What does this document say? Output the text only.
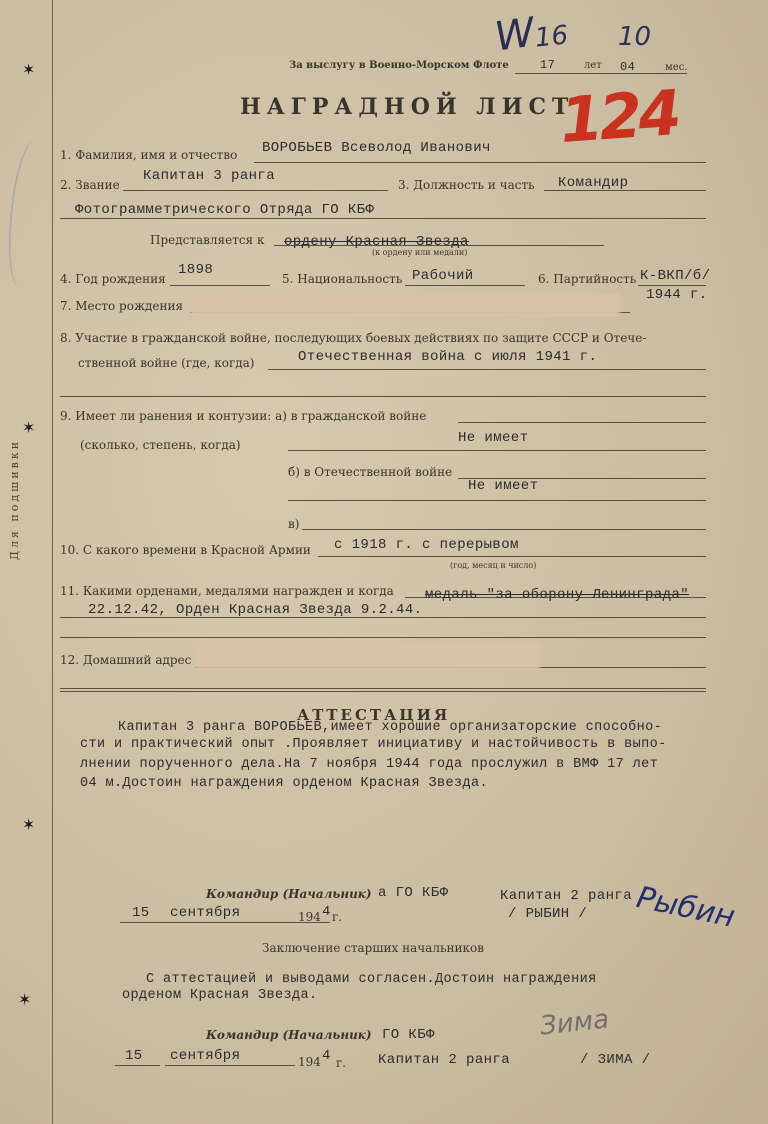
Для подшивки
✶
✶
✶
✶
За выслугу в Военно-Морском Флоте	17	лет 04	мес.
W
16 10
124
НАГРАДНОЙ ЛИСТ
1. Фамилия, имя и отчество ВОРОБЬЕВ Всеволод Иванович
2. Звание
Капитан 3 ранга
3. Должность и часть Командир
Фотограмметрического Отряда ГО КБФ
Представляется к ордену Красная Звезда
(к ордену или медали)
4. Год рождения
1898
5. Национальность Рабочий	6. Партийность К-ВКП/б/
1944 г.
7. Место рождения
8. Участие в гражданской войне, последующих боевых действиях по защите СССР и Отече-
ственной войне (где, когда)	Отечественная война с июля 1941 г.
9. Имеет ли ранения и контузии: а) в гражданской войне
(сколько, степень, когда)	Не имеет
б) в Отечественной войне
Не имеет
в)
10. С какого времени в Красной Армии с 1918 г. с перерывом
(год, месяц и число)
11. Какими орденами, медалями награжден и когда медаль "за оборону Ленинграда"
22.12.42, Орден Красная Звезда 9.2.44.
12. Домашний адрес
АТТЕСТАЦИЯ
Капитан 3 ранга ВОРОБЬЕВ,имеет хорошие организаторские способно-
сти и практический опыт .Проявляет инициативу и настойчивость в выпо-
лнении порученного дела.На 7 ноября 1944 года прослужил в ВМФ 17 лет
04 м.Достоин награждения орденом Красная Звезда.
Командир (Начальник) а ГО КБФ	Капитан 2 ранга
/ РЫБИН /
15 сентября	194 4 г.	Рыбин
Заключение старших начальников
С аттестацией и выводами согласен.Достоин награждения
орденом Красная Звезда.
Командир (Начальник) ГО КБФ
15 сентября	194 4 г. Капитан 2 ранга	/ ЗИМА /
Зима
